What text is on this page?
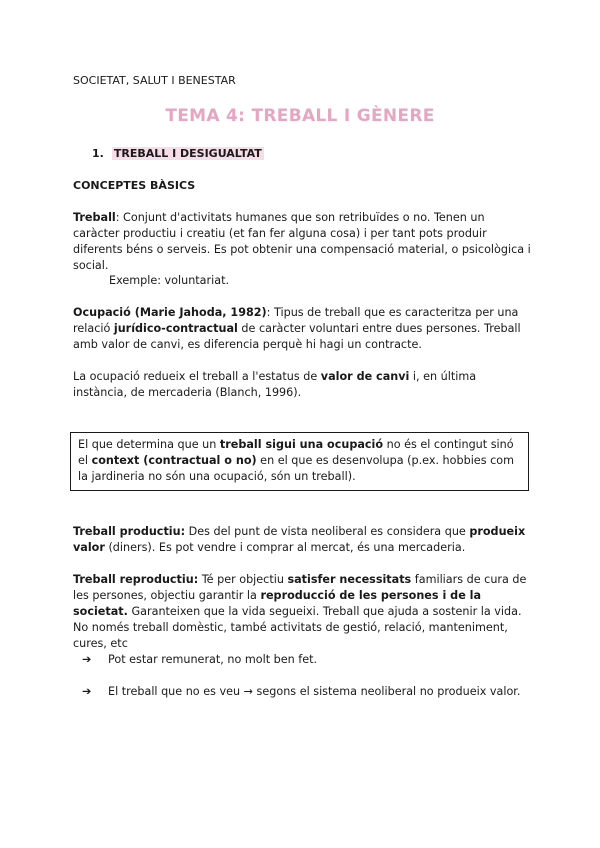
SOCIETAT, SALUT I BENESTAR
TEMA 4: TREBALL I GÈNERE
1. TREBALL I DESIGUALTAT
CONCEPTES BÀSICS
Treball: Conjunt d'activitats humanes que son retribuïdes o no. Tenen un caràcter productiu i creatiu (et fan fer alguna cosa) i per tant pots produir diferents béns o serveis. Es pot obtenir una compensació material, o psicològica i social.
Exemple: voluntariat.
Ocupació (Marie Jahoda, 1982): Tipus de treball que es caracteritza per una relació jurídico-contractual de caràcter voluntari entre dues persones. Treball amb valor de canvi, es diferencia perquè hi hagi un contracte.
La ocupació redueix el treball a l'estatus de valor de canvi i, en última instància, de mercaderia (Blanch, 1996).
El que determina que un treball sigui una ocupació no és el contingut sinó el context (contractual o no) en el que es desenvolupa (p.ex. hobbies com la jardineria no són una ocupació, són un treball).
Treball productiu: Des del punt de vista neoliberal es considera que produeix valor (diners). Es pot vendre i comprar al mercat, és una mercaderia.
Treball reproductiu: Té per objectiu satisfer necessitats familiars de cura de les persones, objectiu garantir la reproducció de les persones i de la societat. Garanteixen que la vida segueixi. Treball que ajuda a sostenir la vida. No només treball domèstic, també activitats de gestió, relació, manteniment, cures, etc
➔ Pot estar remunerat, no molt ben fet.
➔ El treball que no es veu → segons el sistema neoliberal no produeix valor.
